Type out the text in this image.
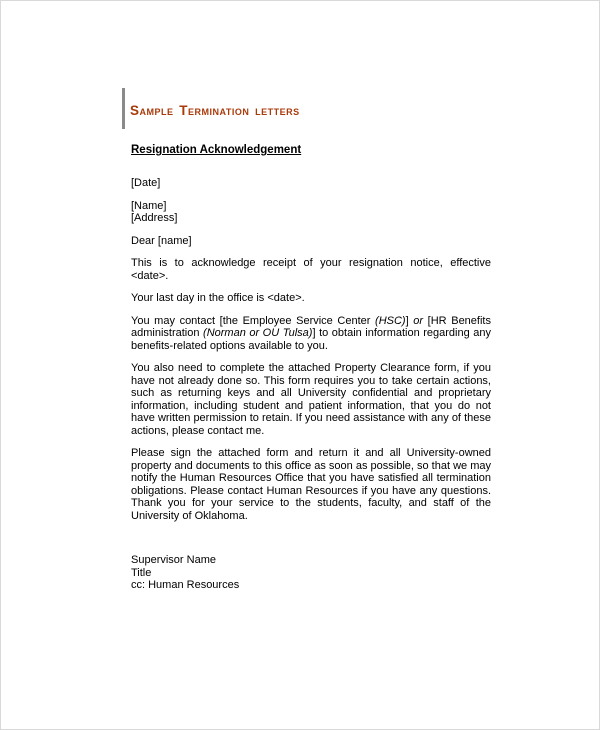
Sample Termination letters
Resignation Acknowledgement

[Date]

[Name]

[Address]

Dear [name]

This is to acknowledge receipt of your resignation notice, effective <date>.

Your last day in the office is <date>.

You may contact [the Employee Service Center (HSC)] or [HR Benefits administration (Norman or OU Tulsa)] to obtain information regarding any benefits-related options available to you.

You also need to complete the attached Property Clearance form, if you have not already done so. This form requires you to take certain actions, such as returning keys and all University confidential and proprietary information, including student and patient information, that you do not have written permission to retain. If you need assistance with any of these actions, please contact me.

Please sign the attached form and return it and all University-owned property and documents to this office as soon as possible, so that we may notify the Human Resources Office that you have satisfied all termination obligations. Please contact Human Resources if you have any questions. Thank you for your service to the students, faculty, and staff of the University of Oklahoma.

Supervisor Name

Title

cc: Human Resources
